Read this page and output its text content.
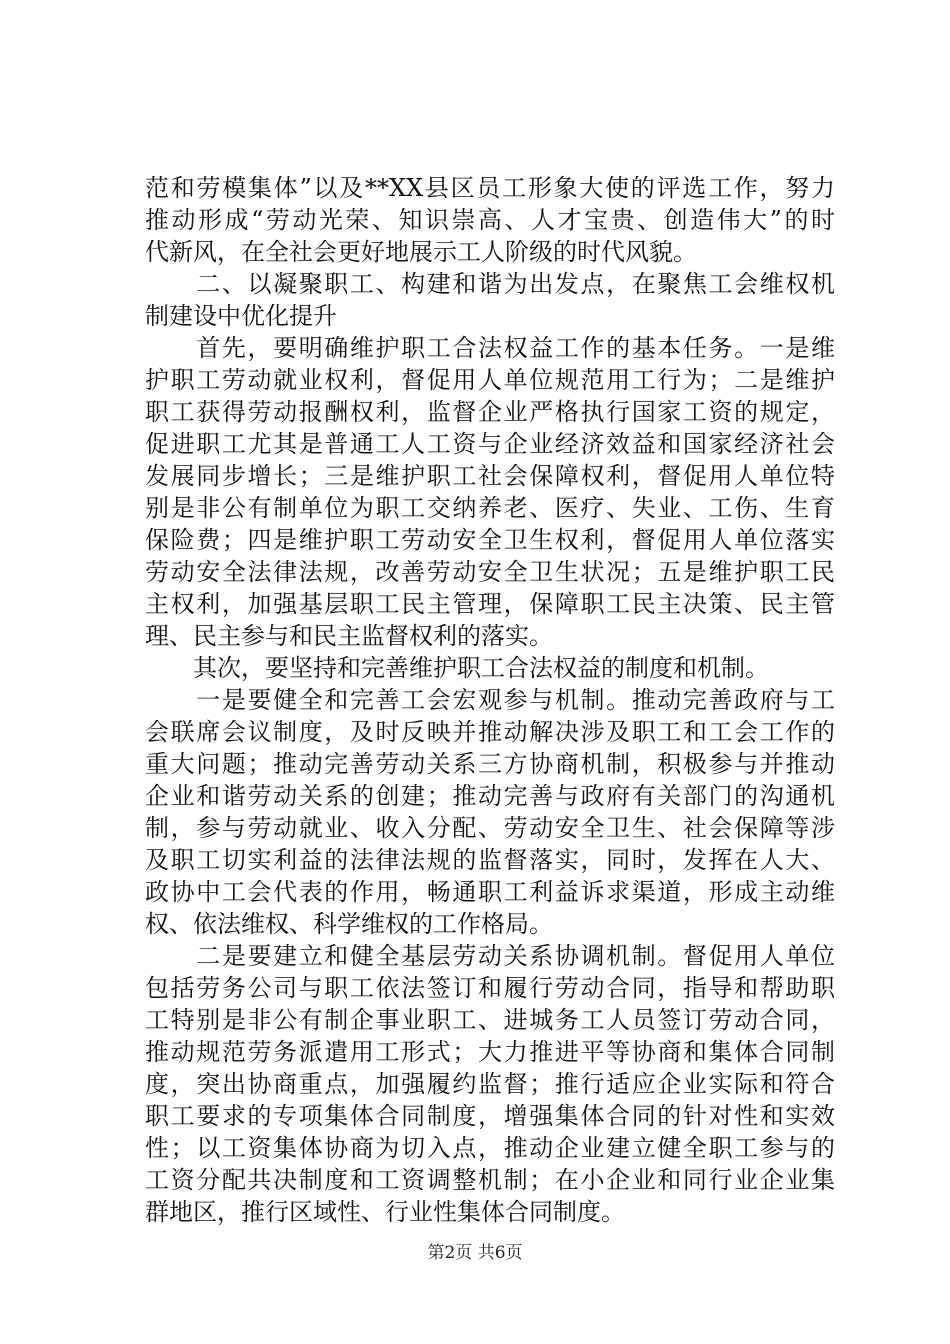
范和劳模集体”以及**XX县区员工形象大使的评选工作，努力
推动形成“劳动光荣、知识崇高、人才宝贵、创造伟大”的时
代新风，在全社会更好地展示工人阶级的时代风貌。
　　二、以凝聚职工、构建和谐为出发点，在聚焦工会维权机
制建设中优化提升
　　首先，要明确维护职工合法权益工作的基本任务。一是维
护职工劳动就业权利，督促用人单位规范用工行为；二是维护
职工获得劳动报酬权利，监督企业严格执行国家工资的规定，
促进职工尤其是普通工人工资与企业经济效益和国家经济社会
发展同步增长；三是维护职工社会保障权利，督促用人单位特
别是非公有制单位为职工交纳养老、医疗、失业、工伤、生育
保险费；四是维护职工劳动安全卫生权利，督促用人单位落实
劳动安全法律法规，改善劳动安全卫生状况；五是维护职工民
主权利，加强基层职工民主管理，保障职工民主决策、民主管
理、民主参与和民主监督权利的落实。
　　其次，要坚持和完善维护职工合法权益的制度和机制。
　　一是要健全和完善工会宏观参与机制。推动完善政府与工
会联席会议制度，及时反映并推动解决涉及职工和工会工作的
重大问题；推动完善劳动关系三方协商机制，积极参与并推动
企业和谐劳动关系的创建；推动完善与政府有关部门的沟通机
制，参与劳动就业、收入分配、劳动安全卫生、社会保障等涉
及职工切实利益的法律法规的监督落实，同时，发挥在人大、
政协中工会代表的作用，畅通职工利益诉求渠道，形成主动维
权、依法维权、科学维权的工作格局。
　　二是要建立和健全基层劳动关系协调机制。督促用人单位
包括劳务公司与职工依法签订和履行劳动合同，指导和帮助职
工特别是非公有制企事业职工、进城务工人员签订劳动合同，
推动规范劳务派遣用工形式；大力推进平等协商和集体合同制
度，突出协商重点，加强履约监督；推行适应企业实际和符合
职工要求的专项集体合同制度，增强集体合同的针对性和实效
性；以工资集体协商为切入点，推动企业建立健全职工参与的
工资分配共决制度和工资调整机制；在小企业和同行业企业集
群地区，推行区域性、行业性集体合同制度。
第2页 共6页
